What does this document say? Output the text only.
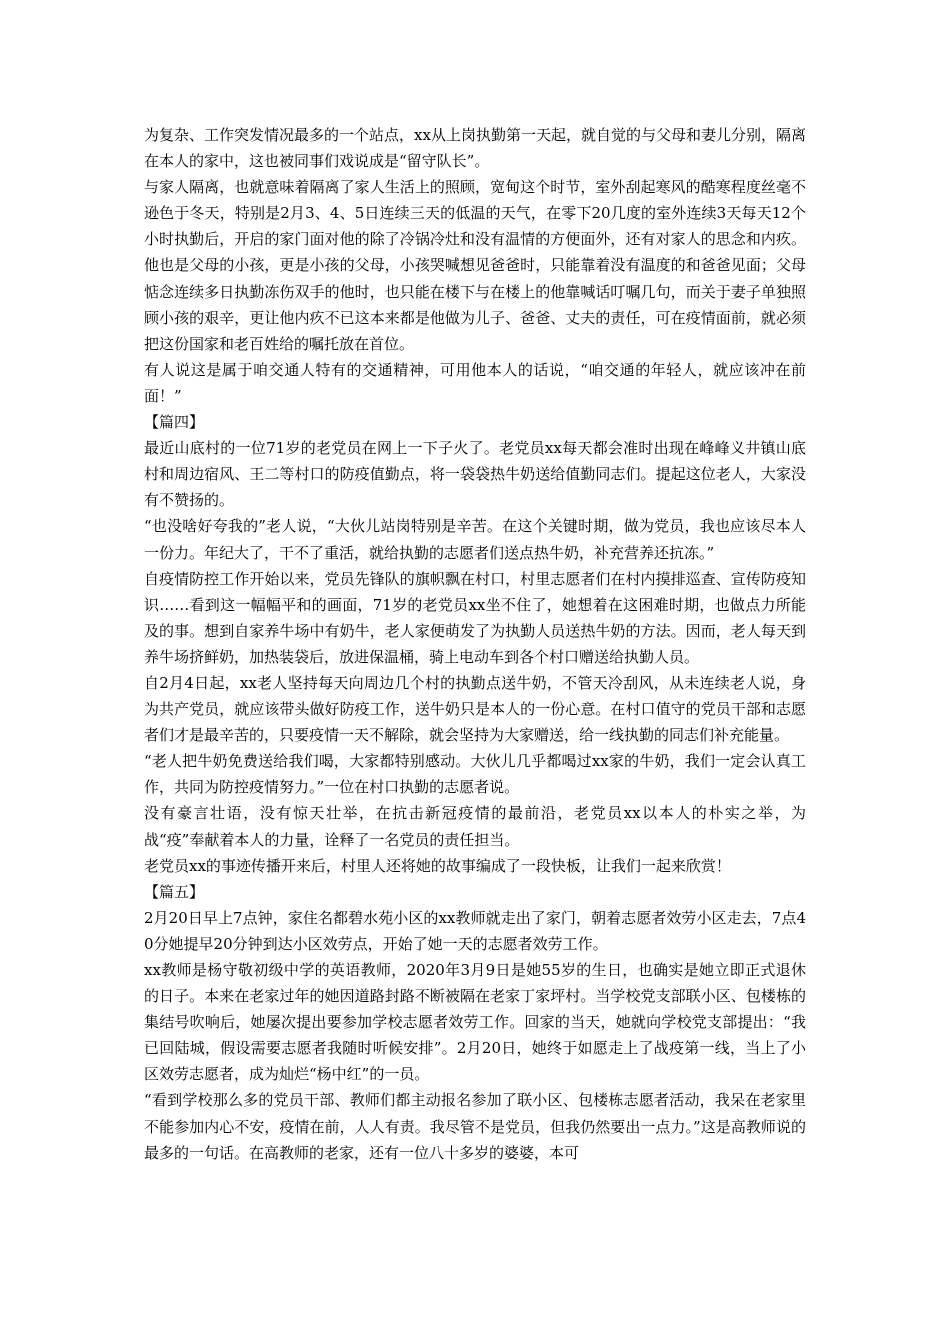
为复杂、工作突发情况最多的一个站点，xx从上岗执勤第一天起，就自觉的与父母和妻儿分别，隔离在本人的家中，这也被同事们戏说成是“留守队长”。

与家人隔离，也就意味着隔离了家人生活上的照顾，宽甸这个时节，室外刮起寒风的酷寒程度丝毫不逊色于冬天，特别是2月3、4、5日连续三天的低温的天气，在零下20几度的室外连续3天每天12个小时执勤后，开启的家门面对他的除了冷锅冷灶和没有温情的方便面外，还有对家人的思念和内疚。他也是父母的小孩，更是小孩的父母，小孩哭喊想见爸爸时，只能靠着没有温度的和爸爸见面；父母惦念连续多日执勤冻伤双手的他时，也只能在楼下与在楼上的他靠喊话叮嘱几句，而关于妻子单独照顾小孩的艰辛，更让他内疚不已这本来都是他做为儿子、爸爸、丈夫的责任，可在疫情面前，就必须把这份国家和老百姓给的嘱托放在首位。

有人说这是属于咱交通人特有的交通精神，可用他本人的话说，“咱交通的年轻人，就应该冲在前面！”

【篇四】

最近山底村的一位71岁的老党员在网上一下子火了。老党员xx每天都会准时出现在峰峰义井镇山底村和周边宿风、王二等村口的防疫值勤点，将一袋袋热牛奶送给值勤同志们。提起这位老人，大家没有不赞扬的。

“也没啥好夸我的”老人说，“大伙儿站岗特别是辛苦。在这个关键时期，做为党员，我也应该尽本人一份力。年纪大了，干不了重活，就给执勤的志愿者们送点热牛奶，补充营养还抗冻。”

自疫情防控工作开始以来，党员先锋队的旗帜飘在村口，村里志愿者们在村内摸排巡查、宣传防疫知识……看到这一幅幅平和的画面，71岁的老党员xx坐不住了，她想着在这困难时期，也做点力所能及的事。想到自家养牛场中有奶牛，老人家便萌发了为执勤人员送热牛奶的方法。因而，老人每天到养牛场挤鲜奶，加热装袋后，放进保温桶，骑上电动车到各个村口赠送给执勤人员。

自2月4日起，xx老人坚持每天向周边几个村的执勤点送牛奶，不管天冷刮风，从未连续老人说，身为共产党员，就应该带头做好防疫工作，送牛奶只是本人的一份心意。在村口值守的党员干部和志愿者们才是最辛苦的，只要疫情一天不解除，就会坚持为大家赠送，给一线执勤的同志们补充能量。

“老人把牛奶免费送给我们喝，大家都特别感动。大伙儿几乎都喝过xx家的牛奶，我们一定会认真工作，共同为防控疫情努力。”一位在村口执勤的志愿者说。

没有豪言壮语，没有惊天壮举，在抗击新冠疫情的最前沿，老党员xx以本人的朴实之举，为战“疫”奉献着本人的力量，诠释了一名党员的责任担当。

老党员xx的事迹传播开来后，村里人还将她的故事编成了一段快板，让我们一起来欣赏！

【篇五】

2月20日早上7点钟，家住名都碧水苑小区的xx教师就走出了家门，朝着志愿者效劳小区走去，7点40分她提早20分钟到达小区效劳点，开始了她一天的志愿者效劳工作。

xx教师是杨守敬初级中学的英语教师，2020年3月9日是她55岁的生日，也确实是她立即正式退休的日子。本来在老家过年的她因道路封路不断被隔在老家丁家坪村。当学校党支部联小区、包楼栋的集结号吹响后，她屡次提出要参加学校志愿者效劳工作。回家的当天，她就向学校党支部提出：“我已回陆城，假设需要志愿者我随时听候安排”。2月20日，她终于如愿走上了战疫第一线，当上了小区效劳志愿者，成为灿烂“杨中红”的一员。

“看到学校那么多的党员干部、教师们都主动报名参加了联小区、包楼栋志愿者活动，我呆在老家里不能参加内心不安，疫情在前，人人有责。我尽管不是党员，但我仍然要出一点力。”这是高教师说的最多的一句话。在高教师的老家，还有一位八十多岁的婆婆，本可
